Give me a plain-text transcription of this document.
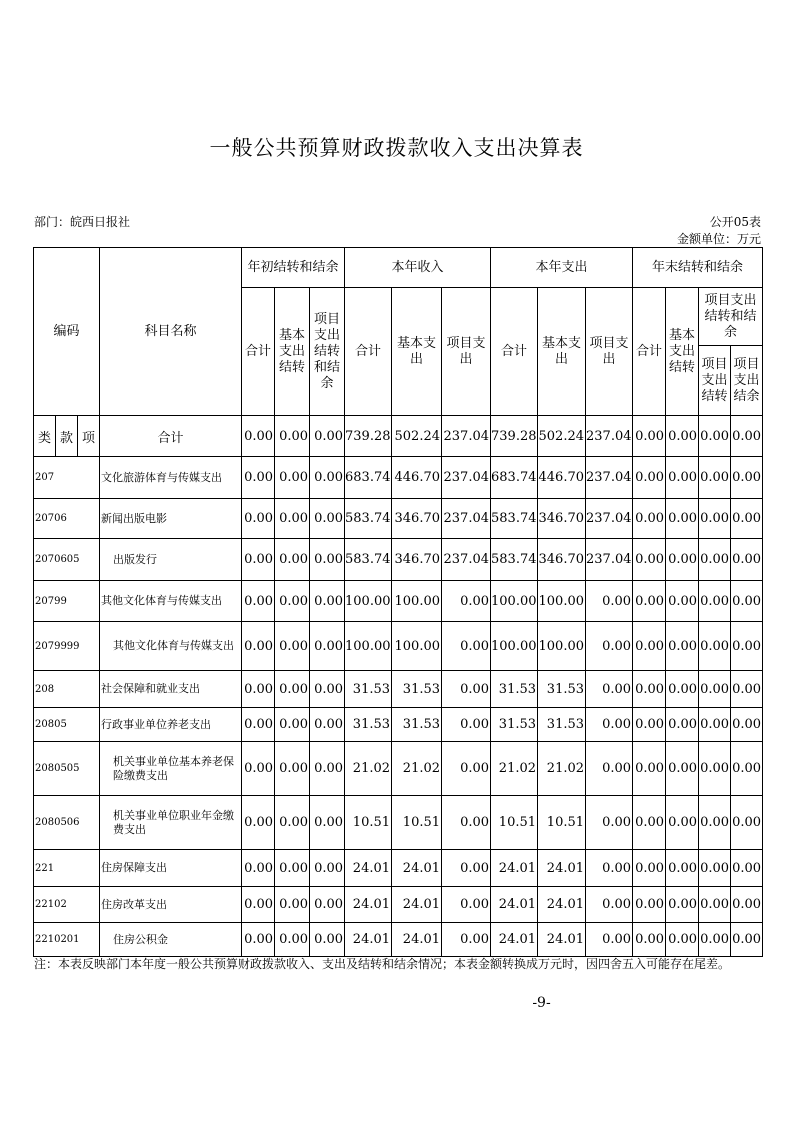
一般公共预算财政拨款收入支出决算表
部门：皖西日报社	公开05表
金额单位：万元
编码			科目名称	年初结转和结余			本年收入			本年支出			年末结转和结余			
				合计	基本支出结转	项目支出结转和结余	合计	基本支出	项目支出	合计	基本支出	项目支出	合计	基本支出结转	项目支出结转和结余	
															项目支出结转	项目支出结余
类	款	项	合计	0.00	0.00	0.00	739.28	502.24	237.04	739.28	502.24	237.04	0.00	0.00	0.00	0.00
207			文化旅游体育与传媒支出	0.00	0.00	0.00	683.74	446.70	237.04	683.74	446.70	237.04	0.00	0.00	0.00	0.00
20706			新闻出版电影	0.00	0.00	0.00	583.74	346.70	237.04	583.74	346.70	237.04	0.00	0.00	0.00	0.00
2070605			出版发行	0.00	0.00	0.00	583.74	346.70	237.04	583.74	346.70	237.04	0.00	0.00	0.00	0.00
20799			其他文化体育与传媒支出	0.00	0.00	0.00	100.00	100.00	0.00	100.00	100.00	0.00	0.00	0.00	0.00	0.00
2079999			其他文化体育与传媒支出	0.00	0.00	0.00	100.00	100.00	0.00	100.00	100.00	0.00	0.00	0.00	0.00	0.00
208			社会保障和就业支出	0.00	0.00	0.00	31.53	31.53	0.00	31.53	31.53	0.00	0.00	0.00	0.00	0.00
20805			行政事业单位养老支出	0.00	0.00	0.00	31.53	31.53	0.00	31.53	31.53	0.00	0.00	0.00	0.00	0.00
2080505			机关事业单位基本养老保险缴费支出	0.00	0.00	0.00	21.02	21.02	0.00	21.02	21.02	0.00	0.00	0.00	0.00	0.00
2080506			机关事业单位职业年金缴费支出	0.00	0.00	0.00	10.51	10.51	0.00	10.51	10.51	0.00	0.00	0.00	0.00	0.00
221			住房保障支出	0.00	0.00	0.00	24.01	24.01	0.00	24.01	24.01	0.00	0.00	0.00	0.00	0.00
22102			住房改革支出	0.00	0.00	0.00	24.01	24.01	0.00	24.01	24.01	0.00	0.00	0.00	0.00	0.00
2210201			住房公积金	0.00	0.00	0.00	24.01	24.01	0.00	24.01	24.01	0.00	0.00	0.00	0.00	0.00
注：本表反映部门本年度一般公共预算财政拨款收入、支出及结转和结余情况；本表金额转换成万元时，因四舍五入可能存在尾差。
-9-
